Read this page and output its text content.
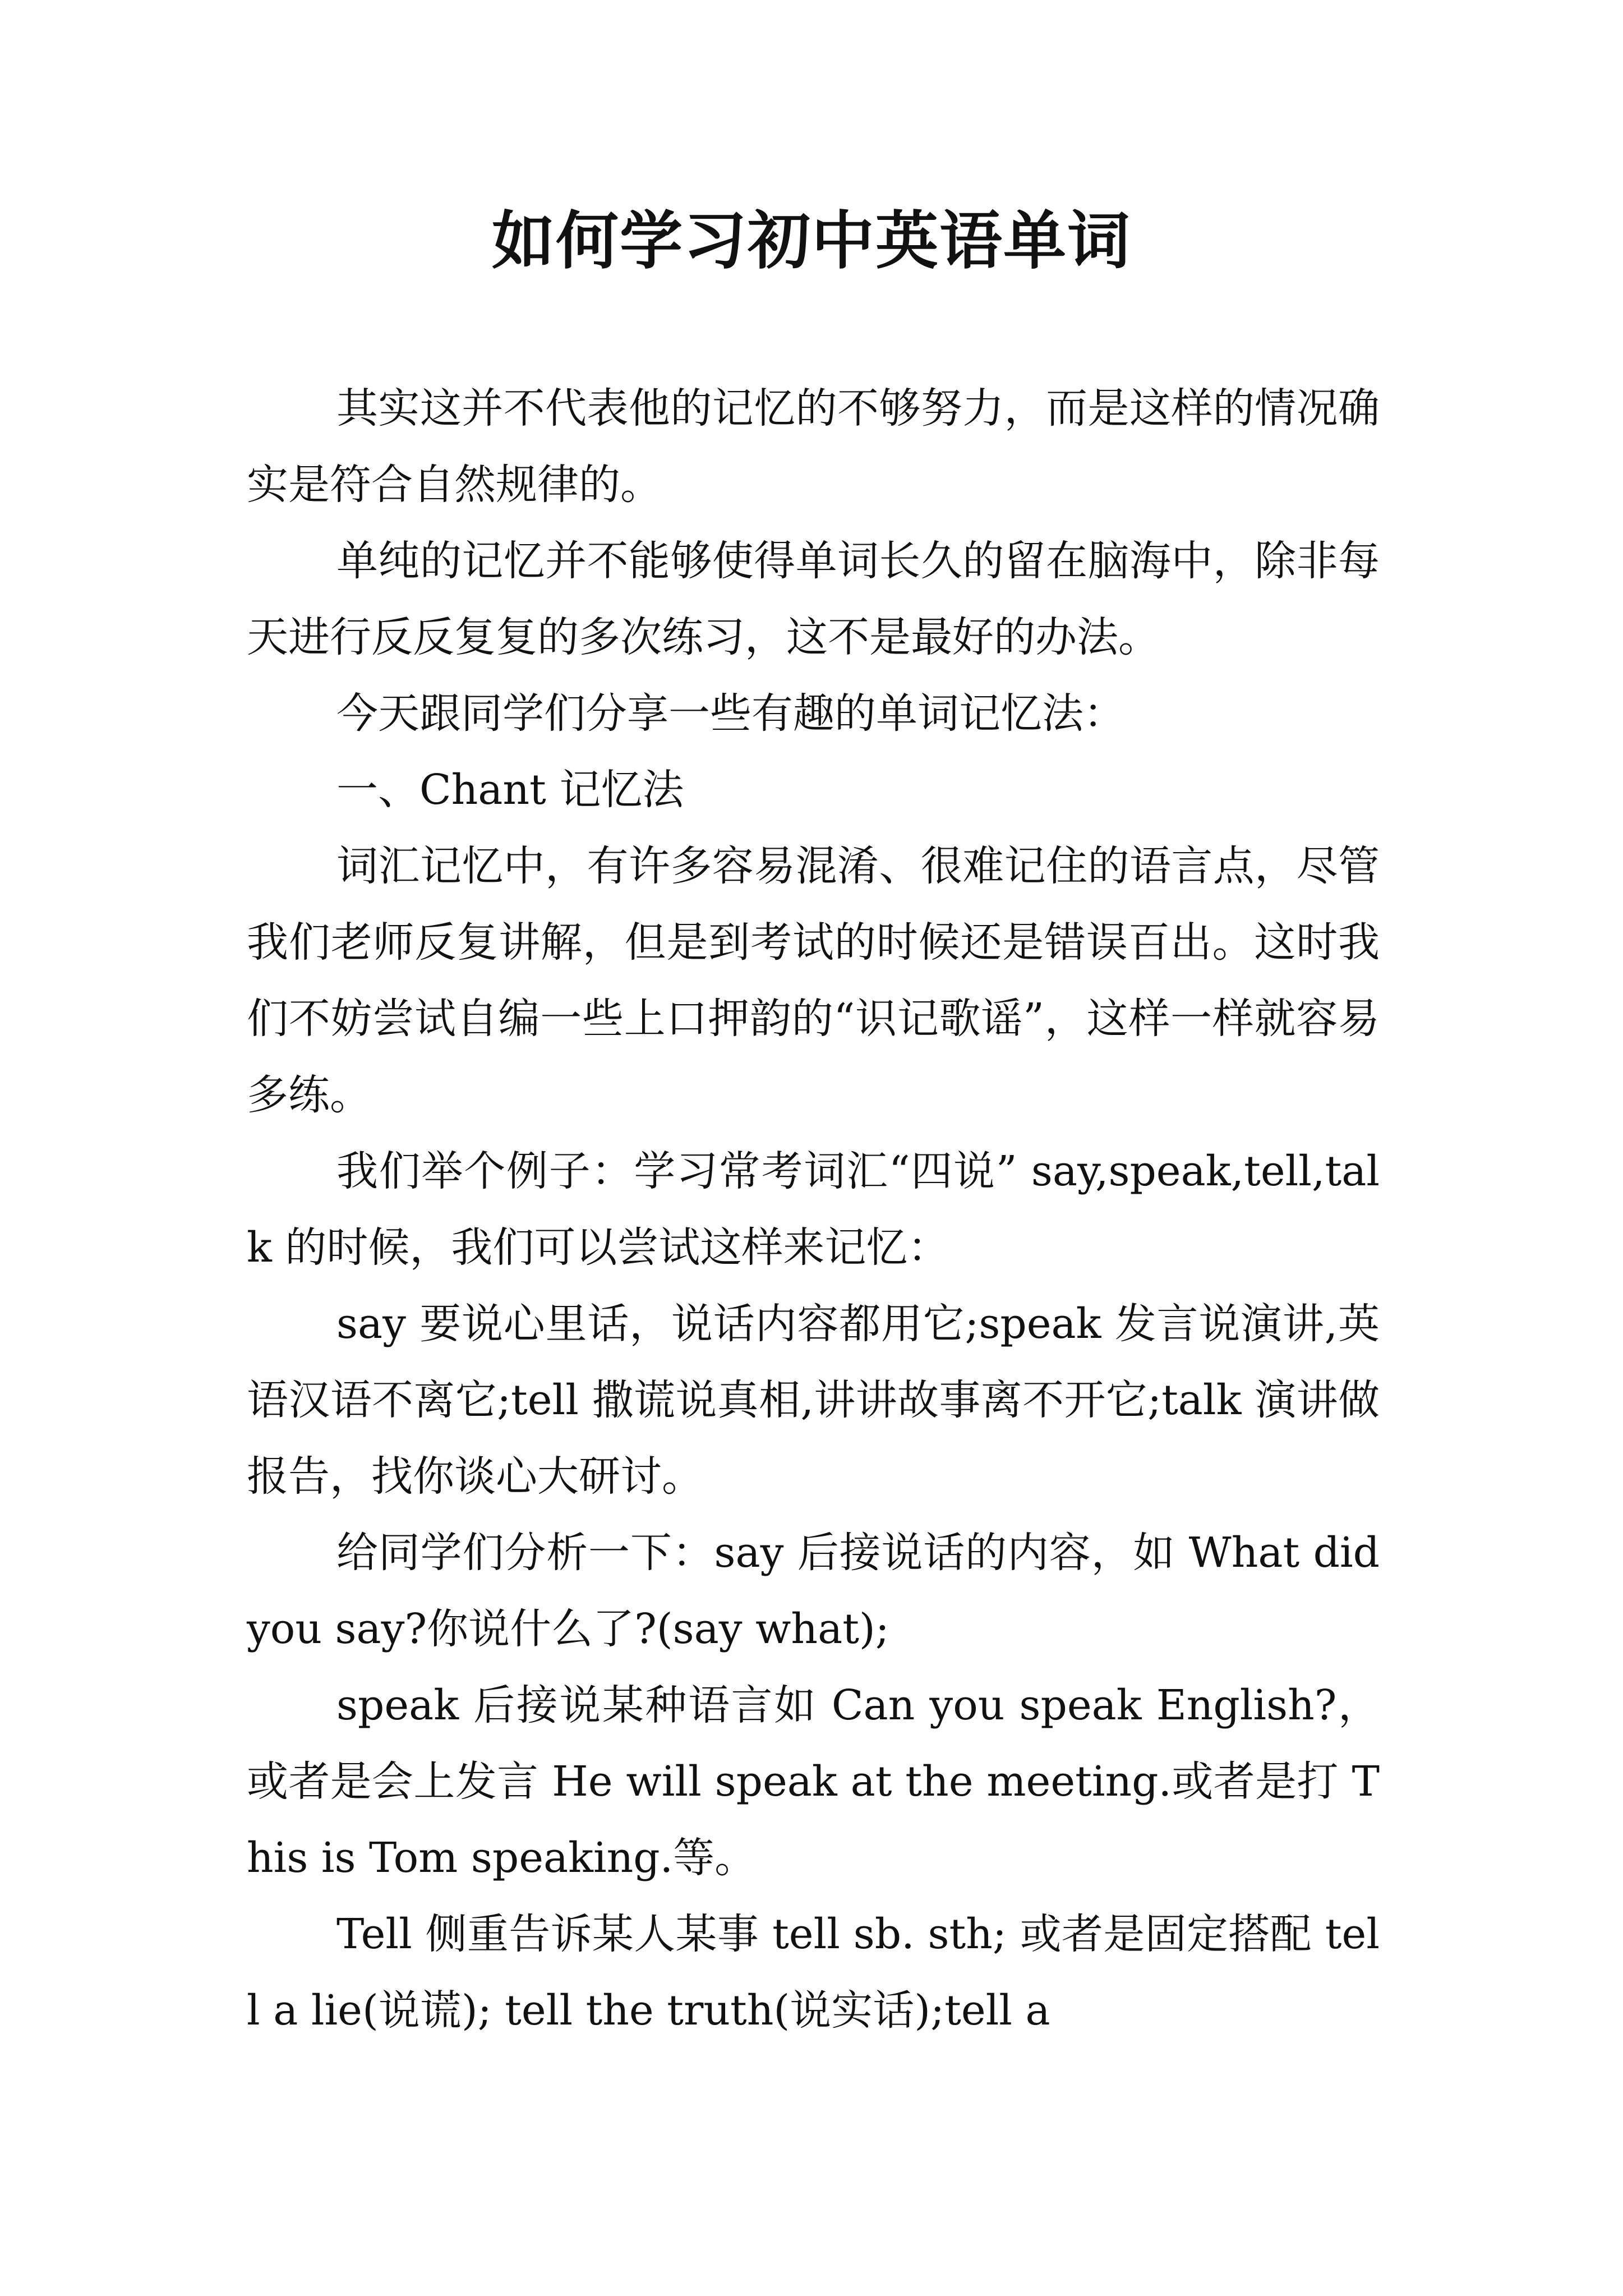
如何学习初中英语单词

其实这并不代表他的记忆的不够努力，而是这样的情况确实是符合自然规律的。

单纯的记忆并不能够使得单词长久的留在脑海中，除非每天进行反反复复的多次练习，这不是最好的办法。

今天跟同学们分享一些有趣的单词记忆法：

一、Chant 记忆法

词汇记忆中，有许多容易混淆、很难记住的语言点，尽管我们老师反复讲解，但是到考试的时候还是错误百出。这时我们不妨尝试自编一些上口押韵的“识记歌谣”，这样一样就容易多练。

我们举个例子：学习常考词汇“四说” say,speak,tell,talk 的时候，我们可以尝试这样来记忆：

say 要说心里话，说话内容都用它;speak 发言说演讲,英语汉语不离它;tell 撒谎说真相,讲讲故事离不开它;talk 演讲做报告，找你谈心大研讨。

给同学们分析一下：say 后接说话的内容，如 What did you say?你说什么了?(say what);

speak 后接说某种语言如 Can you speak English?，或者是会上发言 He will speak at the meeting.或者是打 This is Tom speaking.等。

Tell 侧重告诉某人某事 tell sb. sth; 或者是固定搭配 tell a lie(说谎); tell the truth(说实话);tell a
